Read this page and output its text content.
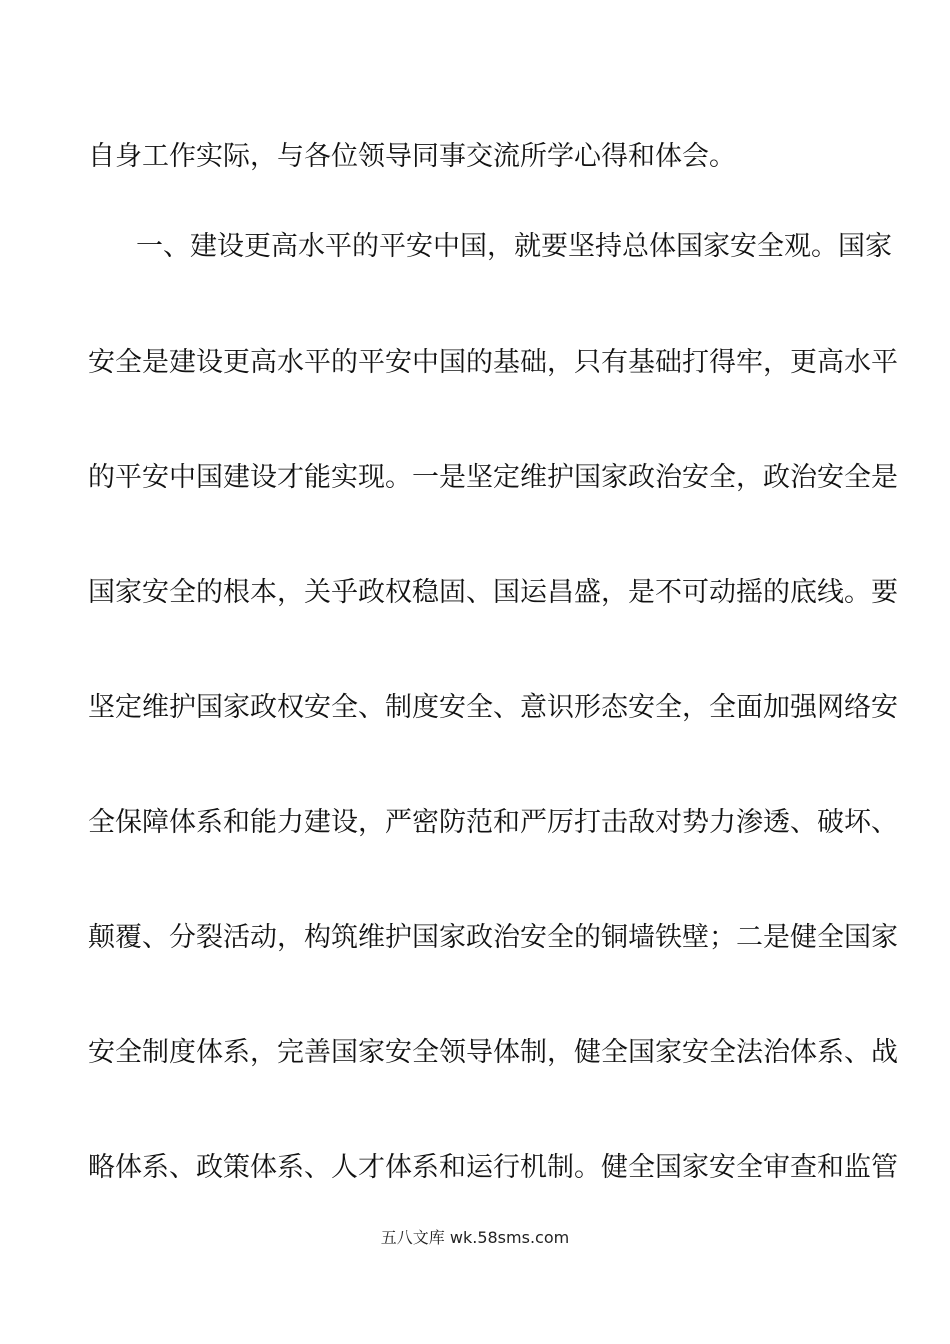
自身工作实际，与各位领导同事交流所学心得和体会。
一、建设更高水平的平安中国，就要坚持总体国家安全观。国家
安全是建设更高水平的平安中国的基础，只有基础打得牢，更高水平
的平安中国建设才能实现。一是坚定维护国家政治安全，政治安全是
国家安全的根本，关乎政权稳固、国运昌盛，是不可动摇的底线。要
坚定维护国家政权安全、制度安全、意识形态安全，全面加强网络安
全保障体系和能力建设，严密防范和严厉打击敌对势力渗透、破坏、
颠覆、分裂活动，构筑维护国家政治安全的铜墙铁壁；二是健全国家
安全制度体系，完善国家安全领导体制，健全国家安全法治体系、战
略体系、政策体系、人才体系和运行机制。健全国家安全审查和监管
五八文库 wk.58sms.com
